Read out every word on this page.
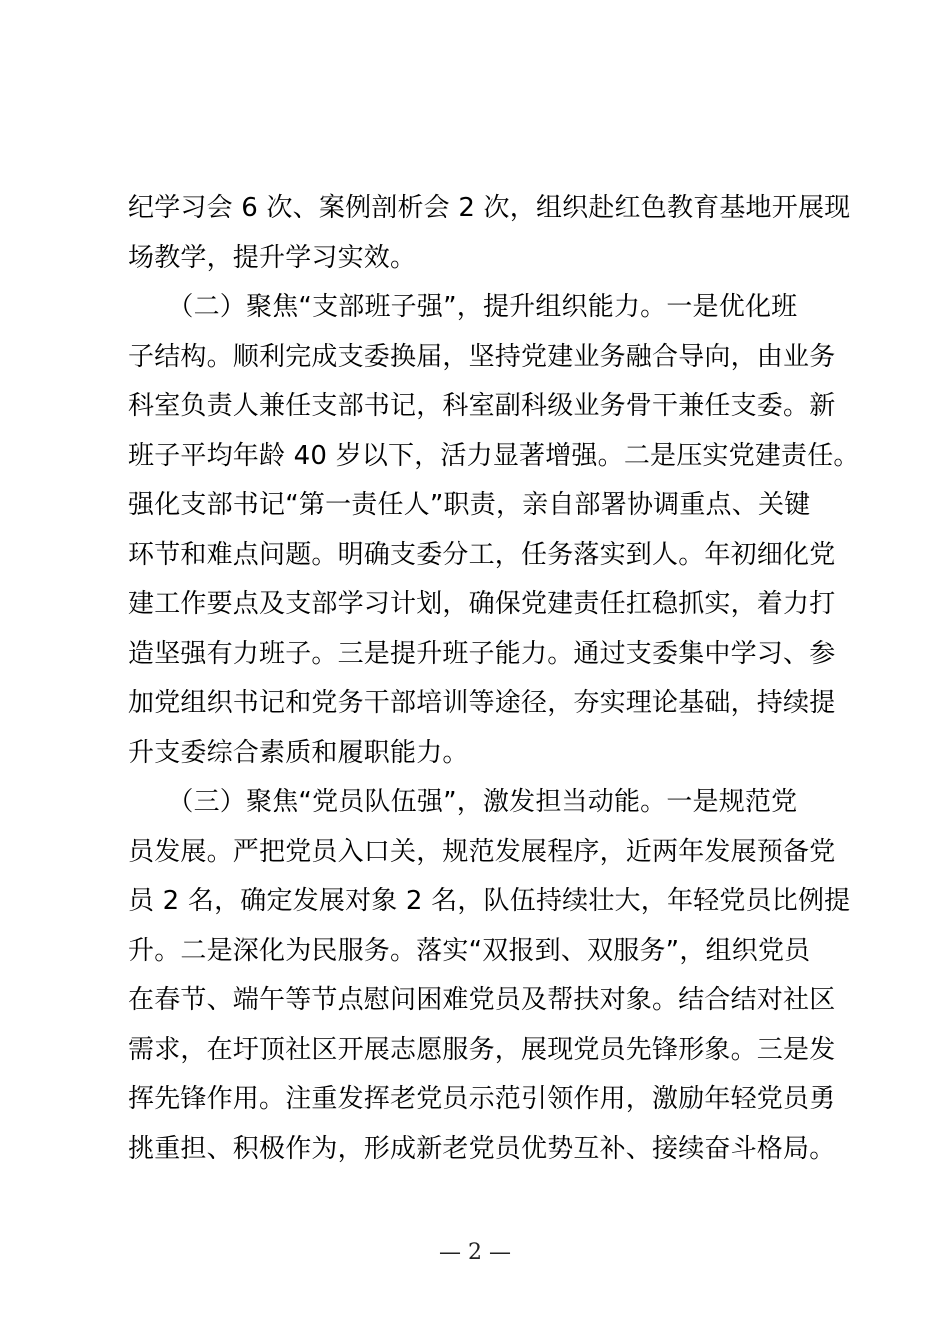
纪学习会 6 次、案例剖析会 2 次，组织赴红色教育基地开展现
场教学，提升学习实效。
　　（二）聚焦“支部班子强”，提升组织能力。一是优化班
子结构。顺利完成支委换届，坚持党建业务融合导向，由业务
科室负责人兼任支部书记，科室副科级业务骨干兼任支委。新
班子平均年龄 40 岁以下，活力显著增强。二是压实党建责任。
强化支部书记“第一责任人”职责，亲自部署协调重点、关键
环节和难点问题。明确支委分工，任务落实到人。年初细化党
建工作要点及支部学习计划，确保党建责任扛稳抓实，着力打
造坚强有力班子。三是提升班子能力。通过支委集中学习、参
加党组织书记和党务干部培训等途径，夯实理论基础，持续提
升支委综合素质和履职能力。
　　（三）聚焦“党员队伍强”，激发担当动能。一是规范党
员发展。严把党员入口关，规范发展程序，近两年发展预备党
员 2 名，确定发展对象 2 名，队伍持续壮大，年轻党员比例提
升。二是深化为民服务。落实“双报到、双服务”，组织党员
在春节、端午等节点慰问困难党员及帮扶对象。结合结对社区
需求，在圩顶社区开展志愿服务，展现党员先锋形象。三是发
挥先锋作用。注重发挥老党员示范引领作用，激励年轻党员勇
挑重担、积极作为，形成新老党员优势互补、接续奋斗格局。
— 2 —
